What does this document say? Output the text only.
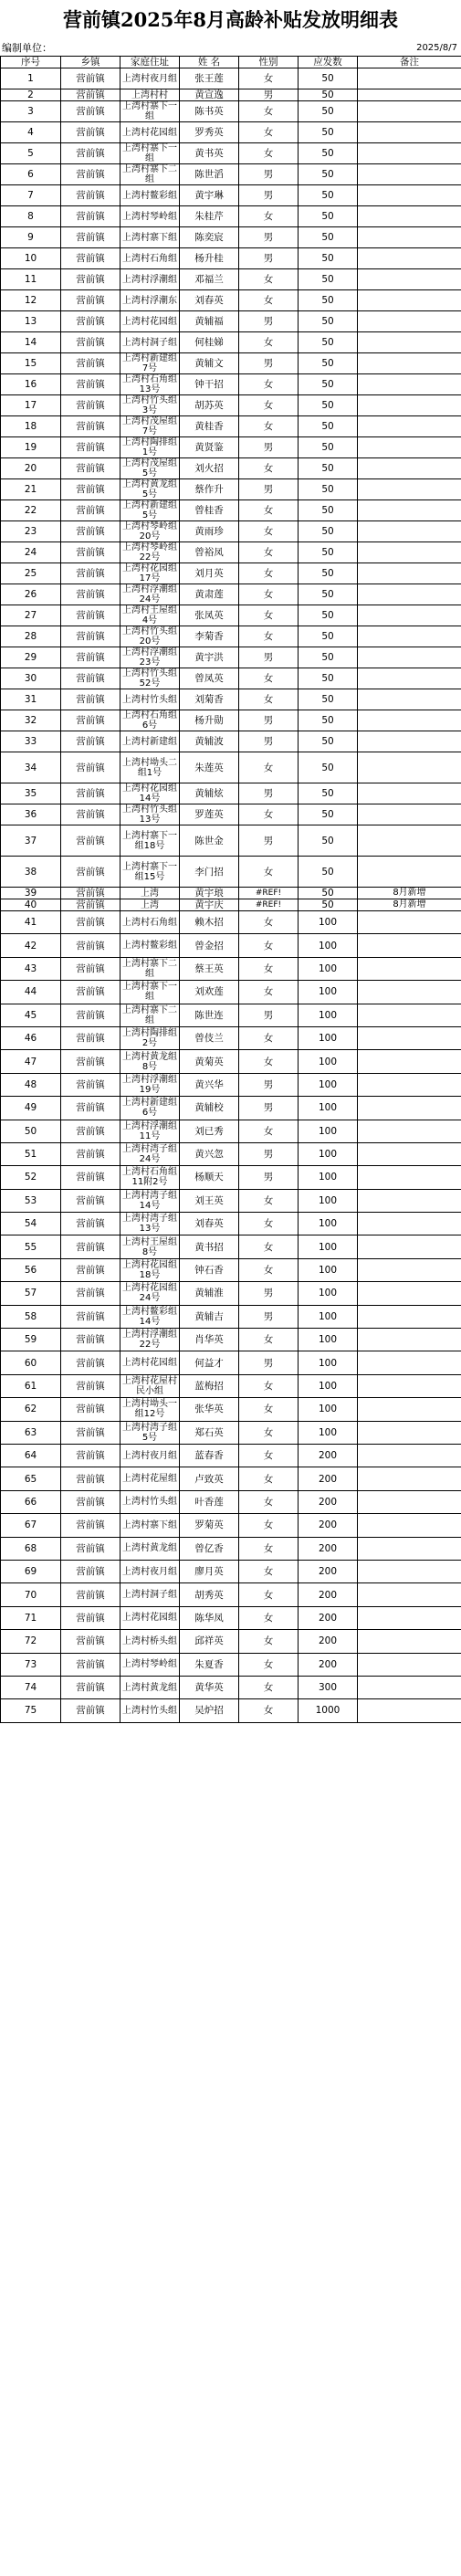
营前镇2025年8月高龄补贴发放明细表
编制单位：	2025/8/7
序号	乡镇	家庭住址	姓 名	性别	应发数	备注
1	营前镇	上湾村夜月组	张王莲	女	50	
2	营前镇	上湾村村	黄宣逸	男	50	
3	营前镇	上湾村寨下一组	陈书英	女	50	
4	营前镇	上湾村花园组	罗秀英	女	50	
5	营前镇	上湾村寨下一组	黄书英	女	50	
6	营前镇	上湾村寨下二组	陈世滔	男	50	
7	营前镇	上湾村鳌彩组	黄宇琳	男	50	
8	营前镇	上湾村琴岭组	朱桂芹	女	50	
9	营前镇	上湾村寨下组	陈奕宸	男	50	
10	营前镇	上湾村石角组	杨升桂	男	50	
11	营前镇	上湾村浮潮组	邓福兰	女	50	
12	营前镇	上湾村浮潮东	刘春英	女	50	
13	营前镇	上湾村花园组	黄辅福	男	50	
14	营前镇	上湾村洞子组	何桂娣	女	50	
15	营前镇	上湾村新建组7号	黄辅文	男	50	
16	营前镇	上湾村石角组13号	钟干招	女	50	
17	营前镇	上湾村竹头组3号	胡苏英	女	50	
18	营前镇	上湾村茂屋组7号	黄桂香	女	50	
19	营前镇	上湾村陶排组1号	黄贤鉴	男	50	
20	营前镇	上湾村茂屋组5号	刘火招	女	50	
21	营前镇	上湾村黄龙组5号	蔡作升	男	50	
22	营前镇	上湾村新建组5号	曾桂香	女	50	
23	营前镇	上湾村琴岭组20号	黄雨珍	女	50	
24	营前镇	上湾村琴岭组22号	曾裕凤	女	50	
25	营前镇	上湾村花园组17号	刘月英	女	50	
26	营前镇	上湾村浮潮组24号	黄肃莲	女	50	
27	营前镇	上湾村王屋组4号	张凤英	女	50	
28	营前镇	上湾村竹头组20号	李菊香	女	50	
29	营前镇	上湾村浮潮组23号	黄宇洪	男	50	
30	营前镇	上湾村竹头组52号	曾凤英	女	50	
31	营前镇	上湾村竹头组	刘菊香	女	50	
32	营前镇	上湾村石角组6号	杨升勋	男	50	
33	营前镇	上湾村新建组	黄辅波	男	50	
34	营前镇	上湾村坳头二组1号	朱莲英	女	50	
35	营前镇	上湾村花园组14号	黄辅炫	男	50	
36	营前镇	上湾村竹头组13号	罗莲英	女	50	
37	营前镇	上湾村寨下一组18号	陈世金	男	50	
38	营前镇	上湾村寨下一组15号	李门招	女	50	
39	营前镇	上湾	黄宇琅	#REF!	50	8月新增
40	营前镇	上湾	黄宇庆	#REF!	50	8月新增
41	营前镇	上湾村石角组	赖木招	女	100	
42	营前镇	上湾村鳌彩组	曾金招	女	100	
43	营前镇	上湾村寨下二组	蔡王英	女	100	
44	营前镇	上湾村寨下一组	刘欢莲	女	100	
45	营前镇	上湾村寨下二组	陈世连	男	100	
46	营前镇	上湾村陶排组2号	曾伎兰	女	100	
47	营前镇	上湾村黄龙组8号	黄菊英	女	100	
48	营前镇	上湾村浮潮组19号	黄兴华	男	100	
49	营前镇	上湾村新建组6号	黄辅校	男	100	
50	营前镇	上湾村浮潮组11号	刘已秀	女	100	
51	营前镇	上湾村湾子组24号	黄兴忽	男	100	
52	营前镇	上湾村石角组11附2号	杨顺天	男	100	
53	营前镇	上湾村湾子组14号	刘王英	女	100	
54	营前镇	上湾村湾子组13号	刘春英	女	100	
55	营前镇	上湾村王屋组8号	黄书招	女	100	
56	营前镇	上湾村花园组18号	钟石香	女	100	
57	营前镇	上湾村花园组24号	黄辅淮	男	100	
58	营前镇	上湾村鳌彩组14号	黄辅吉	男	100	
59	营前镇	上湾村浮潮组22号	肖华英	女	100	
60	营前镇	上湾村花园组	何益才	男	100	
61	营前镇	上湾村花屋村民小组	蓝梅招	女	100	
62	营前镇	上湾村坳头一组12号	张华英	女	100	
63	营前镇	上湾村湾子组5号	郑石英	女	100	
64	营前镇	上湾村夜月组	蓝春香	女	200	
65	营前镇	上湾村花屋组	卢致英	女	200	
66	营前镇	上湾村竹头组	叶香莲	女	200	
67	营前镇	上湾村寨下组	罗菊英	女	200	
68	营前镇	上湾村黄龙组	曾亿香	女	200	
69	营前镇	上湾村夜月组	廖月英	女	200	
70	营前镇	上湾村洞子组	胡秀英	女	200	
71	营前镇	上湾村花园组	陈华凤	女	200	
72	营前镇	上湾村桥头组	邱祥英	女	200	
73	营前镇	上湾村琴岭组	朱夏香	女	200	
74	营前镇	上湾村黄龙组	黄华英	女	300	
75	营前镇	上湾村竹头组	吴炉招	女	1000	
